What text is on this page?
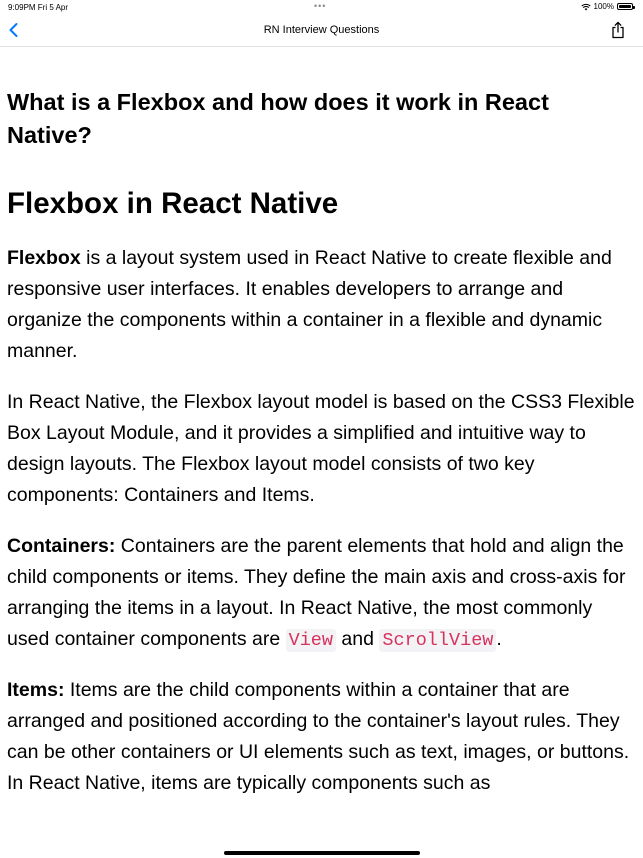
9:09PM Fri 5 Apr	•••	100%
RN Interview Questions
What is a Flexbox and how does it work in React Native?
Flexbox in React Native

Flexbox is a layout system used in React Native to create flexible and responsive user interfaces. It enables developers to arrange and organize the components within a container in a flexible and dynamic manner.

In React Native, the Flexbox layout model is based on the CSS3 Flexible Box Layout Module, and it provides a simplified and intuitive way to design layouts. The Flexbox layout model consists of two key components: Containers and Items.

Containers: Containers are the parent elements that hold and align the child components or items. They define the main axis and cross-axis for arranging the items in a layout. In React Native, the most commonly used container components are View and ScrollView .

Items: Items are the child components within a container that are arranged and positioned according to the container's layout rules. They can be other containers or UI elements such as text, images, or buttons. In React Native, items are typically components such as
